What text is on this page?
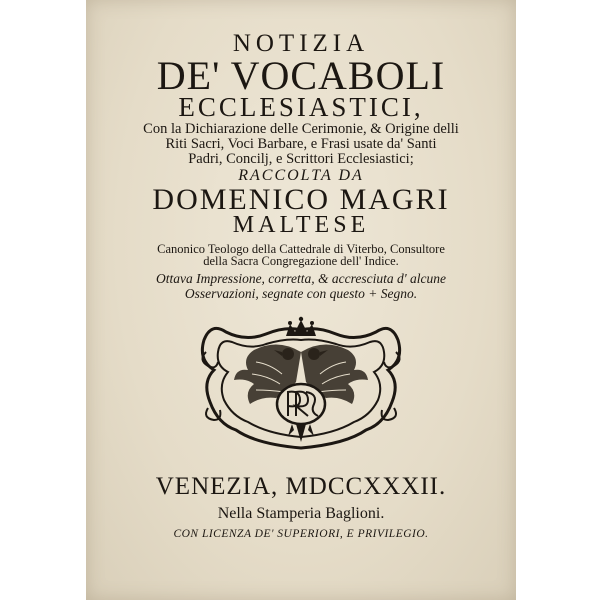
NOTIZIA
DE' VOCABOLI
ECCLESIASTICI,
Con la Dichiarazione delle Cerimonie, & Origine delli
Riti Sacri, Voci Barbare, e Frasi usate da' Santi
Padri, Concilj, e Scrittori Ecclesiastici;
RACCOLTA DA
DOMENICO MAGRI
MALTESE
Canonico Teologo della Cattedrale di Viterbo, Consultore
della Sacra Congregazione dell' Indice.
Ottava Impressione, corretta, & accresciuta d' alcune
Osservazioni, segnate con questo + Segno.
VENEZIA, MDCCXXXII.
Nella Stamperia Baglioni.
CON LICENZA DE' SUPERIORI, E PRIVILEGIO.
